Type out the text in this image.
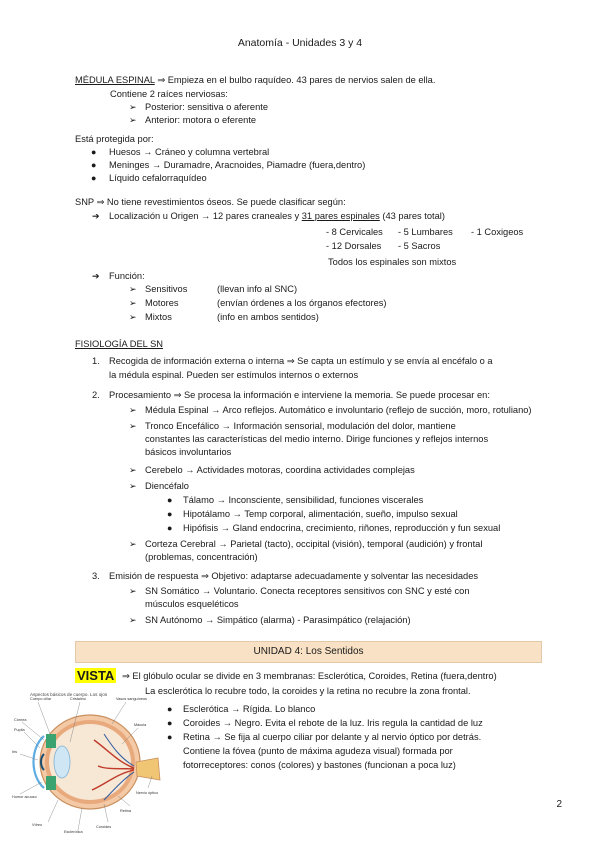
Anatomía - Unidades 3 y 4
MÉDULA ESPINAL ⇒ Empieza en el bulbo raquídeo. 43 pares de nervios salen de ella.
Contiene 2 raíces nerviosas:
➢ Posterior: sensitiva o aferente
➢ Anterior: motora o eferente
Está protegida por:
● Huesos → Cráneo y columna vertebral
● Meninges → Duramadre, Aracnoides, Piamadre (fuera,dentro)
● Líquido cefalorraquídeo
SNP ⇒ No tiene revestimientos óseos. Se puede clasificar según:
➔ Localización u Origen → 12 pares craneales y 31 pares espinales (43 pares total)
- 8 Cervicales - 5 Lumbares - 1 Coxigeos
- 12 Dorsales - 5 Sacros
Todos los espinales son mixtos
➔ Función:
➢ Sensitivos	(llevan info al SNC)
➢ Motores	(envían órdenes a los órganos efectores)
➢ Mixtos	(info en ambos sentidos)
FISIOLOGÍA DEL SN
1. Recogida de información externa o interna ⇒ Se capta un estímulo y se envía al encéfalo o a
la médula espinal. Pueden ser estímulos internos o externos
2. Procesamiento ⇒ Se procesa la información e interviene la memoria. Se puede procesar en:
➢ Médula Espinal → Arco reflejos. Automático e involuntario (reflejo de succión, moro, rotuliano)
➢ Tronco Encefálico → Información sensorial, modulación del dolor, mantiene
constantes las características del medio interno. Dirige funciones y reflejos internos
básicos involuntarios
➢ Cerebelo → Actividades motoras, coordina actividades complejas
➢ Diencéfalo
● Tálamo → Inconsciente, sensibilidad, funciones viscerales
● Hipotálamo → Temp corporal, alimentación, sueño, impulso sexual
● Hipófisis → Gland endocrina, crecimiento, riñones, reproducción y fun sexual
➢ Corteza Cerebral → Parietal (tacto), occipital (visión), temporal (audición) y frontal
(problemas, concentración)
3. Emisión de respuesta ⇒ Objetivo: adaptarse adecuadamente y solventar las necesidades
➢ SN Somático → Voluntario. Conecta receptores sensitivos con SNC y esté con
músculos esqueléticos
➢ SN Autónomo → Simpático (alarma) - Parasimpático (relajación)
UNIDAD 4: Los Sentidos
VISTA ⇒ El glóbulo ocular se divide en 3 membranas: Esclerótica, Coroides, Retina (fuera,dentro)
La esclerótica lo recubre todo, la coroides y la retina no recubre la zona frontal.
● Esclerótica → Rígida. Lo blanco
● Coroides → Negro. Evita el rebote de la luz. Iris regula la cantidad de luz
● Retina → Se fija al cuerpo ciliar por delante y al nervio óptico por detrás.
Contiene la fóvea (punto de máxima agudeza visual) formada por
fotorreceptores: conos (colores) y bastones (funcionan a poca luz)
Aspectos básicos de cuerpo. Los ojos
Córnea
Pupila
Iris
Humor acuoso
Cuerpo ciliar	Cristalino	Vasos sanguíneos
Mácula
Nervio óptico
Retina
Coroides
Esclerótica
Vítreo
2
